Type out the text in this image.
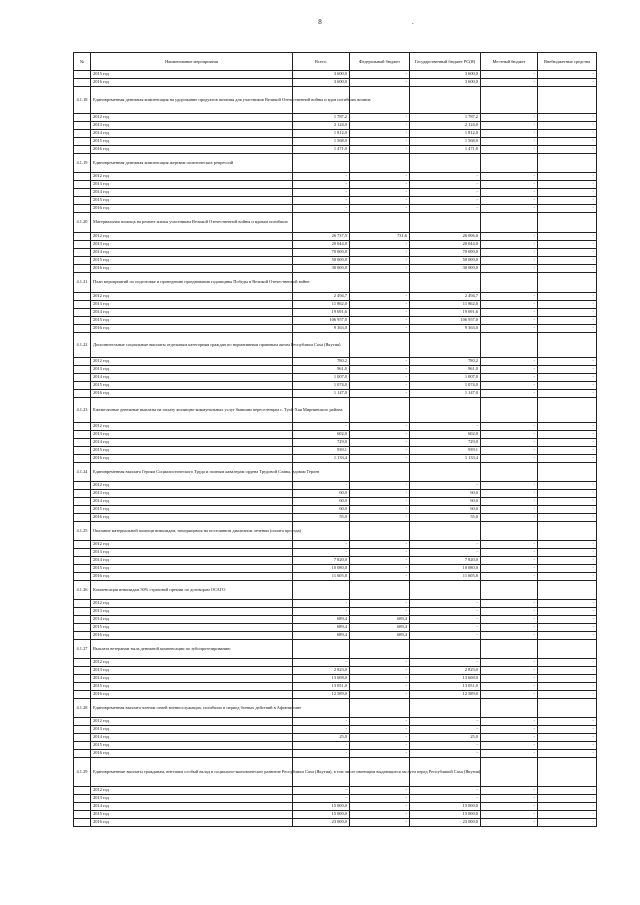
8	.
№	Наименование мероприятия	Всего:	Федеральный бюджет	Государственный бюджет РС(Я)	Местный бюджет	Внебюджетные средства
	2015 год	3 600,0	-	3 600,0	-	-
	2016 год	3 600,0	-	3 600,0	-	-
4.1.18	Единовременная денежная компенсация на удорожание продуктов питания для участников Великой Отечественной войны и вдов погибших воинов					
	2012 год	1 787,2	-	1 787,2	-	-
	2013 год	2 124,0	-	2 124,0	-	-
	2014 год	1 812,0	-	1 812,0	-	-
	2015 год	1 568,0	-	1 568,0	-	-
	2016 год	1 471,0	-	1 471,0	-	-
4.1.19	Единовременная денежная компенсация жертвам политических репрессий					
	2012 год	-	-	-	-	-
	2013 год	-	-	-	-	-
	2014 год	-	-	-	-	-
	2015 год	-	-	-	-	-
	2016 год	-	-	-	-	-
4.1.20	Материальная помощь на ремонт жилья участникам Великой Отечественной войны и вдовам погибших					
	2012 год	26 737,5	731,6	26 006,0	-	-
	2013 год	20 044,0	-	20 044,0	-	-
	2014 год	70 000,0	-	70 000,0	-	-
	2015 год	50 000,0	-	50 000,0	-	-
	2016 год	30 000,0	-	30 000,0	-	-
4.1.21	План мероприятий по подготовке и проведению празднования годовщины Победы в Великой Отечественной войне					
	2012 год	2 494,7	-	2 494,7	-	-
	2013 год	11 862,0	-	11 862,0	-	-
	2014 год	19 691,6	-	19 691,6	-	-
	2015 год	106 957,0	-	106 957,0	-	-
	2016 год	9 363,0	-	9 363,0	-	-
4.1.22	Дополнительные социальные выплаты отдельным категориям граждан по нормативным правовым актам Республики Саха (Якутия)					
	2012 год	780,2	-	780,2	-	-
	2013 год	961,0	-	961,0	-	-
	2014 год	1 007,0	-	1 007,0	-	-
	2015 год	1 074,0	-	1 074,0	-	-
	2016 год	1 147,0	-	1 147,0	-	-
4.1.23	Ежемесячные денежные выплаты на оплату жилищно-коммунальных услуг бывшим переселенцам с. Туой-Хая Мирнинского района					
	2012 год	-	-	-	-	-
	2013 год	602,0	-	602,0	-	-
	2014 год	729,0	-	729,0	-	-
	2015 год	939,1	-	939,1	-	-
	2016 год	1 133,4	-	1 133,4	-	-
4.1.24	Единовременная выплата Героям Социалистического Труда и полным кавалерам ордена Трудовой Славы, вдовам Героев					
	2012 год	-	-	-	-	-
	2013 год	60,0	-	60,0	-	-
	2014 год	60,0	-	60,0	-	-
	2015 год	60,0	-	60,0	-	-
	2016 год	55,0	-	55,0	-	-
4.1.25	Оказание материальной помощи инвалидам, находящимся на постоянном диализном лечении (оплата проезда)					
	2012 год	-	-	-	-	-
	2013 год	-	-	-	-	-
	2014 год	7 820,0	-	7 820,0	-	-
	2015 год	10 080,0	-	10 080,0	-	-
	2016 год	11 605,8	-	11 605,8	-	-
4.1.26	Компенсация инвалидам 50% страховой премии по договорам ОСАГО					
	2012 год	-	-	-	-	-
	2013 год	-	-	-	-	-
	2014 год	689,4	689,4	-	-	-
	2015 год	689,4	689,4	-	-	-
	2016 год	689,4	689,4	-	-	-
4.1.27	Выплата ветеранам тыла денежной компенсации по зубопротезированию					
	2012 год	-	-	-	-	-
	2013 год	2 823,0	-	2 823,0	-	-
	2014 год	13 608,0	-	13 608,0	-	-
	2015 год	13 051,0	-	13 051,0	-	-
	2016 год	12 589,0	-	12 589,0	-	-
4.1.28	Единовременная выплата членам семей военнослужащих, погибших в период боевых действий в Афганистане					
	2012 год	-	-	-	-	-
	2013 год	-	-	-	-	-
	2014 год	25,0	-	25,0	-	-
	2015 год	-	-	-	-	-
	2016 год	-	-	-	-	-
4.1.29	Единовременные выплаты гражданам, внесшим особый вклад в социально-экономическое развитие Республики Саха (Якутия), в том числе имеющим выдающиеся заслуги перед Республикой Саха (Якутия)					
	2012 год	-	-	-	-	-
	2013 год	-	-	-	-	-
	2014 год	15 000,0	-	15 000,0	-	-
	2015 год	15 000,0	-	15 000,0	-	-
	2016 год	23 000,0	-	23 000,0	-	-
